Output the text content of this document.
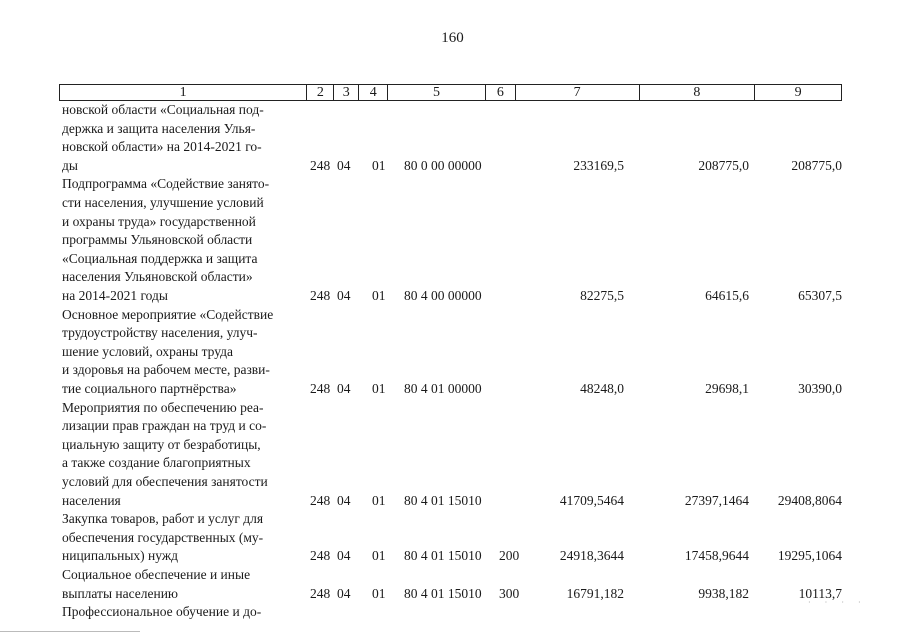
160
1	2	3	4	5	6	7	8	9
новской области «Социальная под-
держка и защита населения Улья-
новской области» на 2014-2021 го-
ды	248 04 01 80 0 00 00000	233169,5	208775,0	208775,0
Подпрограмма «Содействие занято-
сти населения, улучшение условий
и охраны труда» государственной
программы Ульяновской области
«Социальная поддержка и защита
населения Ульяновской области»
на 2014-2021 годы	248 04 01 80 4 00 00000	82275,5	64615,6	65307,5
Основное мероприятие «Содействие
трудоустройству населения, улуч-
шение условий, охраны труда
и здоровья на рабочем месте, разви-
тие социального партнёрства»	248 04 01 80 4 01 00000	48248,0	29698,1	30390,0
Мероприятия по обеспечению реа-
лизации прав граждан на труд и со-
циальную защиту от безработицы,
а также создание благоприятных
условий для обеспечения занятости
населения	248 04 01 80 4 01 15010	41709,5464	27397,1464 29408,8064
Закупка товаров, работ и услуг для
обеспечения государственных (му-
ниципальных) нужд	248 04 01 80 4 01 15010 200	24918,3644	17458,9644 19295,1064
Социальное обеспечение и иные
выплаты населению	248 04 01 80 4 01 15010 300	16791,182	9938,182	10113,7
Профессиональное обучение и до-
· · · ·
